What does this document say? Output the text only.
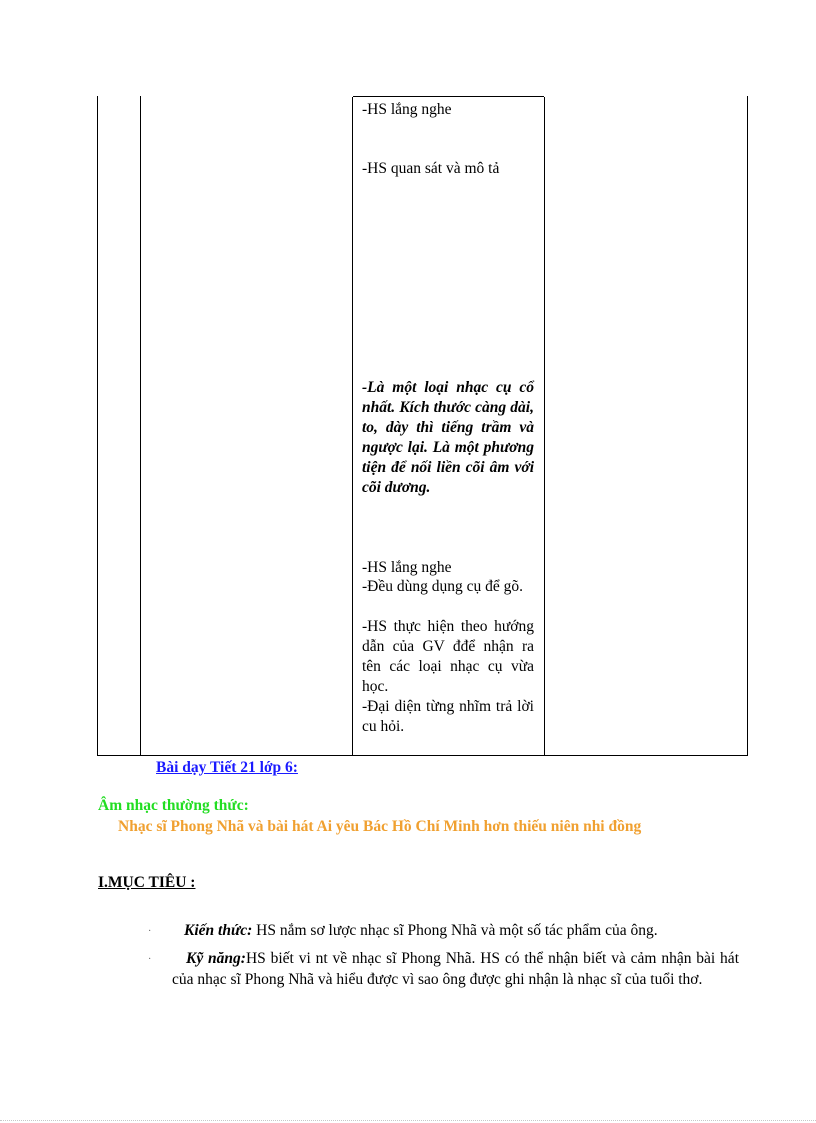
-HS lắng nghe
-HS quan sát và mô tả
-Là một loại nhạc cụ cổ nhất. Kích thước càng dài, to, dày thì tiếng trầm và ngược lại. Là một phương tiện để nối liền cõi âm với cõi dương.
-HS lắng nghe
-Đều dùng dụng cụ để gõ.
-HS thực hiện theo hướng dẫn của GV đđể nhận ra tên các loại nhạc cụ vừa học.
-Đại diện từng nhĩm trả lời cu hỏi.
Bài dạy Tiết 21 lớp 6:
Âm nhạc thường thức:
Nhạc sĩ Phong Nhã và bài hát Ai yêu Bác Hồ Chí Minh hơn thiếu niên nhi đồng
I.MỤC TIÊU :
· Kiến thức: HS nắm sơ lược nhạc sĩ Phong Nhã và một số tác phẩm của ông.
·	Kỹ năng:HS biết vi nt về nhạc sĩ Phong Nhã. HS có thể nhận biết và cảm nhận bài hát của nhạc sĩ Phong Nhã và hiểu được vì sao ông được ghi nhận là nhạc sĩ của tuổi thơ.
